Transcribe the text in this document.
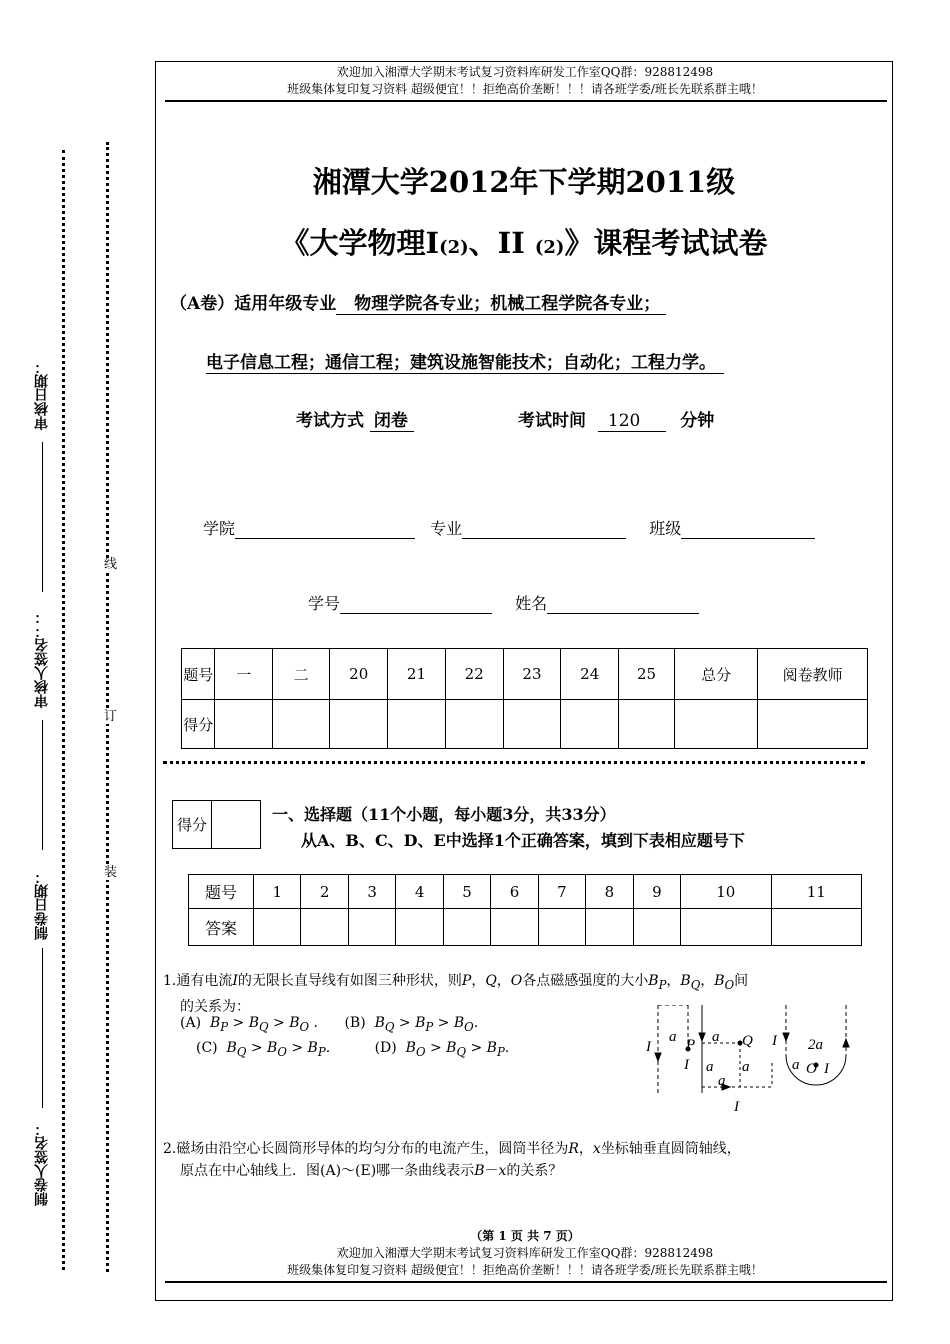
欢迎加入湘潭大学期末考试复习资料库研发工作室QQ群：928812498
班级集体复印复习资料 超级便宜！！拒绝高价垄断！！！请各班学委/班长先联系群主哦！
审核日期：
审核人签名：：
制卷日期：
制卷人签名：
线
订
装
湘潭大学2012年下学期2011级
《大学物理I(2)、II (2)》课程考试试卷
（A卷）适用年级专业 物理学院各专业；机械工程学院各专业；
电子信息工程；通信工程；建筑设施智能技术；自动化；工程力学。
考试方式 闭卷	考试时间 120 分钟
学院	专业	班级
学号	姓名
题号	一	二	20	21	22	23	24	25	总分	阅卷教师
得分										
得分	
一、选择题（11个小题，每小题3分，共33分）
从A、B、C、D、E中选择1个正确答案，填到下表相应题号下
题号	1	2	3	4	5	6	7	8	9	10	11
答案											
1.通有电流I的无限长直导线有如图三种形状，则P，Q，O各点磁感强度的大小$B_P$，$B_Q$，$B_O$间
的关系为：
(A) $B_P > B_Q > B_O$ . (B) $B_Q > B_P > B_O$.
(C) $B_Q > B_O > B_P$.	(D) $B_O > B_Q > B_P$.	I
a P
I
a Q
a a
a
I
I 2a
a O I
2.磁场由沿空心长圆筒形导体的均匀分布的电流产生，圆筒半径为R，x坐标轴垂直圆筒轴线，
原点在中心轴线上．图(A)～(E)哪一条曲线表示B－x的关系？
（第 1 页 共 7 页）
欢迎加入湘潭大学期末考试复习资料库研发工作室QQ群：928812498
班级集体复印复习资料 超级便宜！！拒绝高价垄断！！！请各班学委/班长先联系群主哦！
